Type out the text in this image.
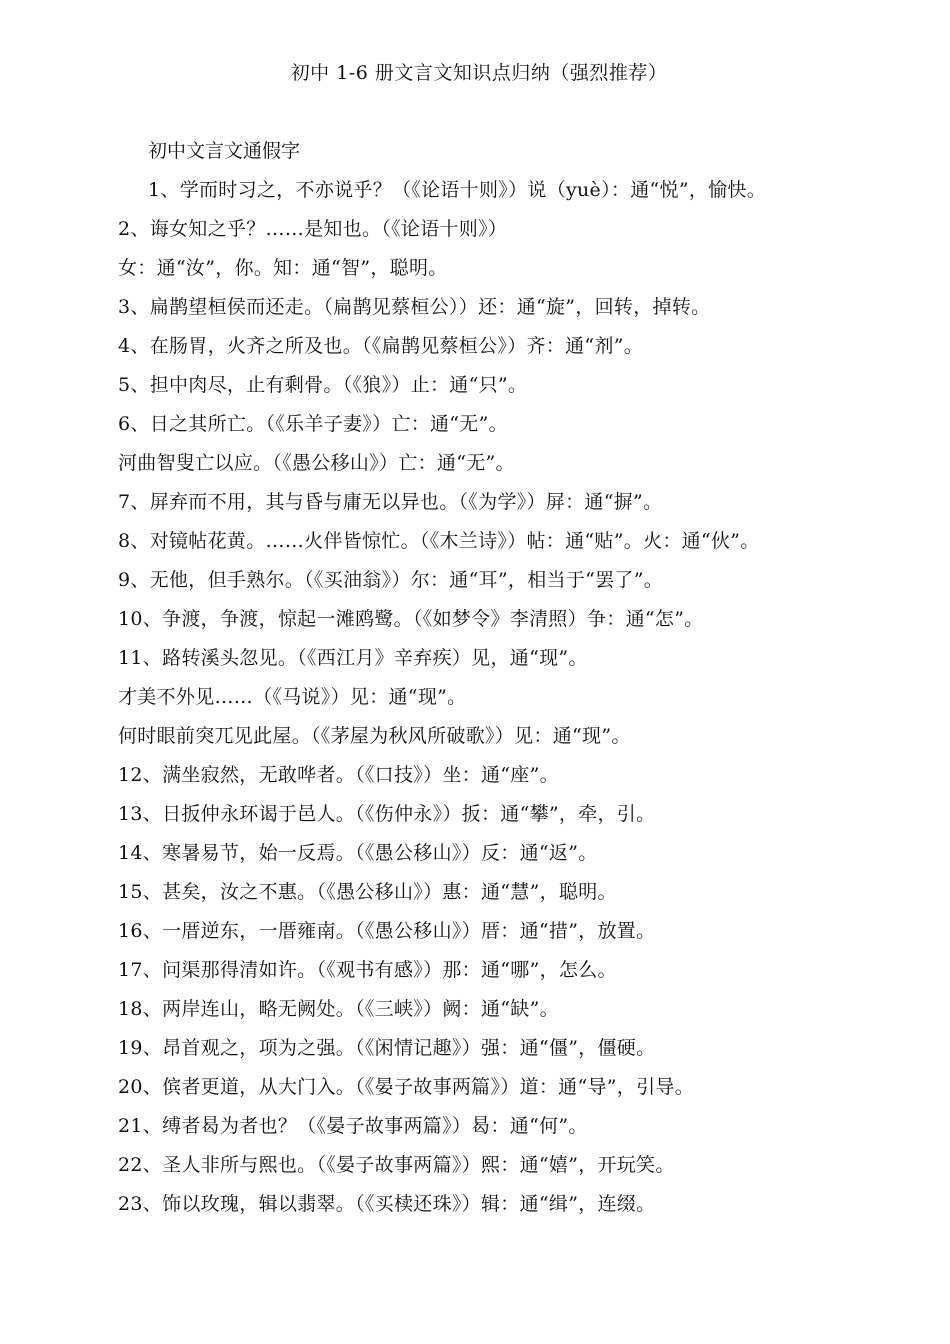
初中 1-6 册文言文知识点归纳（强烈推荐）
初中文言文通假字
1、学而时习之，不亦说乎？（《论语十则》）说（yuè）：通“悦”，愉快。
2、诲女知之乎？……是知也。（《论语十则》）
女：通“汝”，你。知：通“智”，聪明。
3、扁鹊望桓侯而还走。（扁鹊见蔡桓公））还：通“旋”，回转，掉转。
4、在肠胃，火齐之所及也。（《扁鹊见蔡桓公》）齐：通“剂”。
5、担中肉尽，止有剩骨。（《狼》）止：通“只”。
6、日之其所亡。（《乐羊子妻》）亡：通“无”。
河曲智叟亡以应。（《愚公移山》）亡：通“无”。
7、屏弃而不用，其与昏与庸无以异也。（《为学》）屏：通“摒”。
8、对镜帖花黄。……火伴皆惊忙。（《木兰诗》）帖：通“贴”。火：通“伙”。
9、无他，但手熟尔。（《买油翁》）尔：通“耳”，相当于“罢了”。
10、争渡，争渡，惊起一滩鸥鹭。（《如梦令》李清照）争：通“怎”。
11、路转溪头忽见。（《西江月》辛弃疾）见，通“现”。
才美不外见……（《马说》）见：通“现”。
何时眼前突兀见此屋。（《茅屋为秋风所破歌》）见：通“现”。
12、满坐寂然，无敢哗者。（《口技》）坐：通“座”。
13、日扳仲永环谒于邑人。（《伤仲永》）扳：通“攀”，牵，引。
14、寒暑易节，始一反焉。（《愚公移山》）反：通“返”。
15、甚矣，汝之不惠。（《愚公移山》）惠：通“慧”，聪明。
16、一厝逆东，一厝雍南。（《愚公移山》）厝：通“措”，放置。
17、问渠那得清如许。（《观书有感》）那：通“哪”，怎么。
18、两岸连山，略无阙处。（《三峡》）阙：通“缺”。
19、昂首观之，项为之强。（《闲情记趣》）强：通“僵”，僵硬。
20、傧者更道，从大门入。（《晏子故事两篇》）道：通“导”，引导。
21、缚者曷为者也？（《晏子故事两篇》）曷：通“何”。
22、圣人非所与熙也。（《晏子故事两篇》）熙：通“嬉”，开玩笑。
23、饰以玫瑰，辑以翡翠。（《买椟还珠》）辑：通“缉”，连缀。
